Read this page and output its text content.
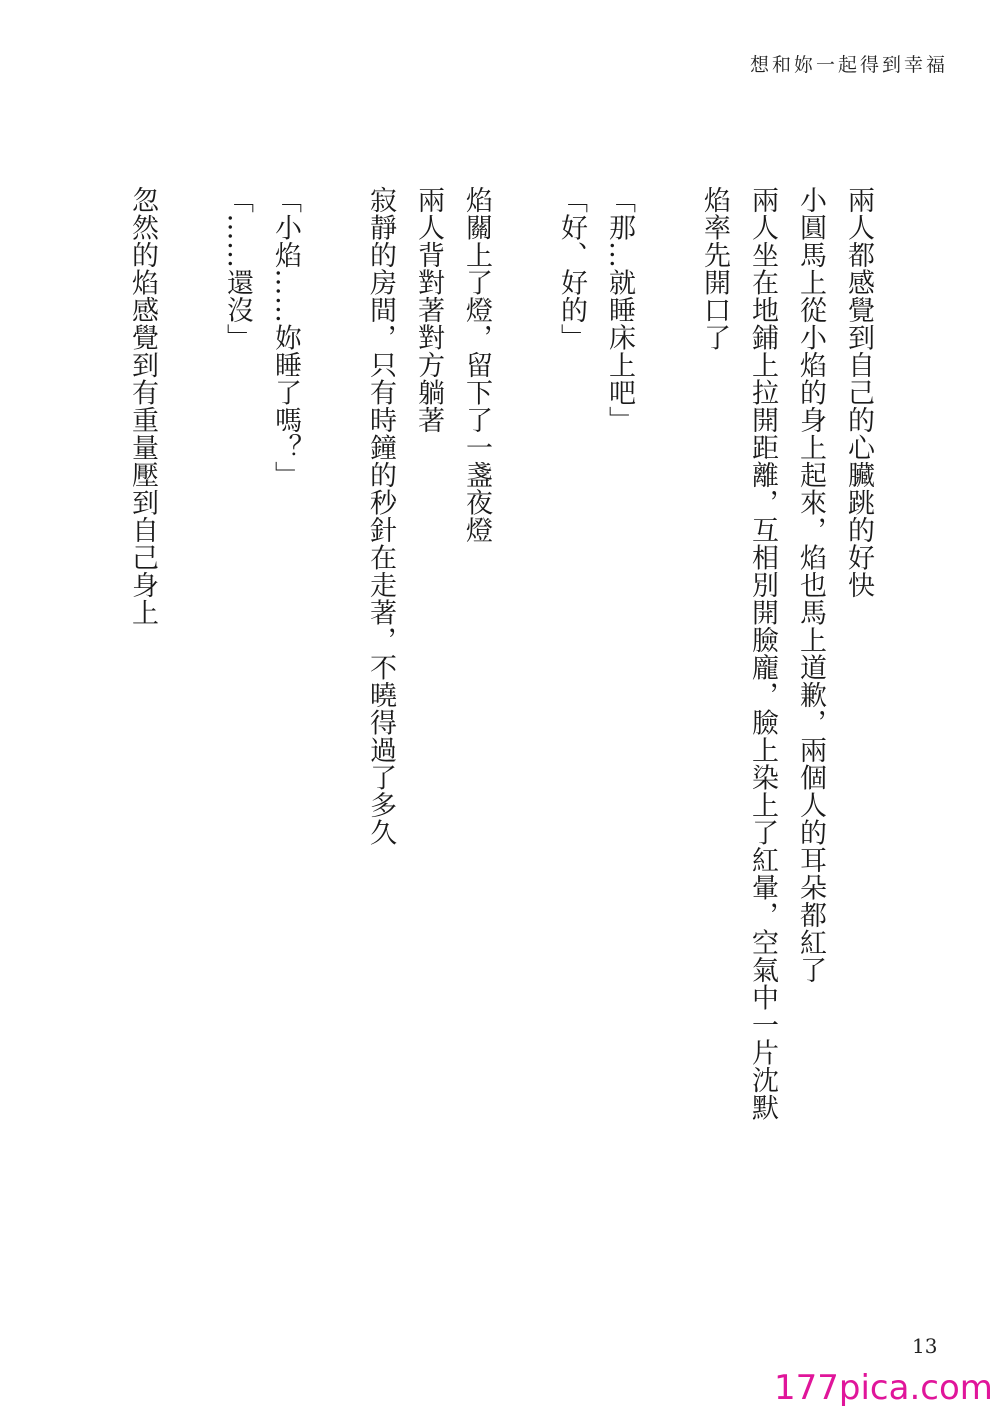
想和妳一起得到幸福
兩人都感覺到自己的心臟跳的好快
小圓馬上從小焰的身上起來，焰也馬上道歉，兩個人的耳朵都紅了
兩人坐在地鋪上拉開距離，互相別開臉龐，臉上染上了紅暈，空氣中一片沈默
焰率先開口了
「那…就睡床上吧」
「好、好的」
焰關上了燈，留下了一盞夜燈
兩人背對著對方躺著
寂靜的房間，只有時鐘的秒針在走著，不曉得過了多久
「小焰……妳睡了嗎？」
「……還沒」
忽然的焰感覺到有重量壓到自己身上
13
177pica.com
